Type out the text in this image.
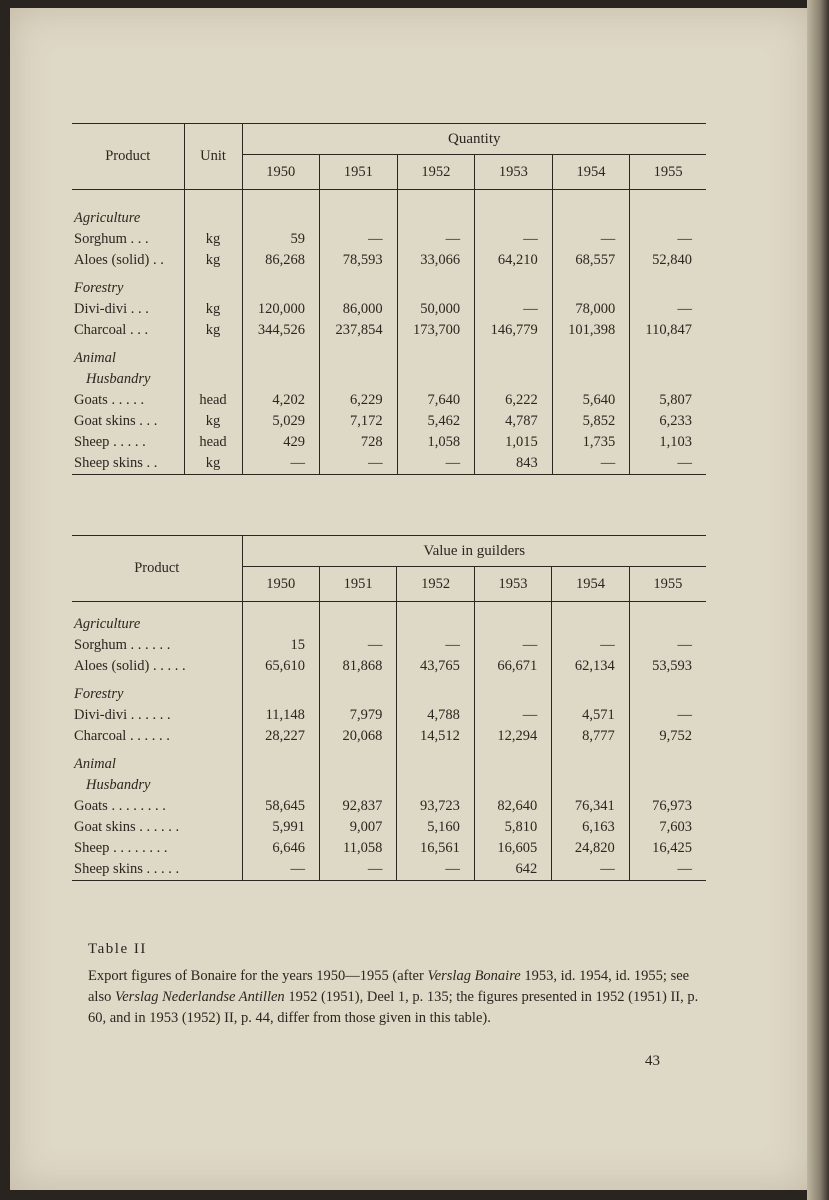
Product	Unit	Quantity					
		1950	1951	1952	1953	1954	1955

Agriculture							
Sorghum . . .	kg	59	—	—	—	—	—
Aloes (solid) . .	kg	86,268	78,593	33,066	64,210	68,557	52,840
Forestry							
Divi-divi . . .	kg	120,000	86,000	50,000	—	78,000	—
Charcoal . . .	kg	344,526	237,854	173,700	146,779	101,398	110,847
Animal							
Husbandry							
Goats . . . . .	head	4,202	6,229	7,640	6,222	5,640	5,807
Goat skins . . .	kg	5,029	7,172	5,462	4,787	5,852	6,233
Sheep . . . . .	head	429	728	1,058	1,015	1,735	1,103
Sheep skins . .	kg	—	—	—	843	—	—
Product	Value in guilders					
	1950	1951	1952	1953	1954	1955

Agriculture						
Sorghum . . . . . .	15	—	—	—	—	—
Aloes (solid) . . . . .	65,610	81,868	43,765	66,671	62,134	53,593
Forestry						
Divi-divi . . . . . .	11,148	7,979	4,788	—	4,571	—
Charcoal . . . . . .	28,227	20,068	14,512	12,294	8,777	9,752
Animal						
Husbandry						
Goats . . . . . . . .	58,645	92,837	93,723	82,640	76,341	76,973
Goat skins . . . . . .	5,991	9,007	5,160	5,810	6,163	7,603
Sheep . . . . . . . .	6,646	11,058	16,561	16,605	24,820	16,425
Sheep skins . . . . .	—	—	—	642	—	—
Table II
Export figures of Bonaire for the years 1950—1955 (after Verslag Bonaire 1953, id. 1954, id. 1955; see also Verslag Nederlandse Antillen 1952 (1951), Deel 1, p. 135; the figures presented in 1952 (1951) II, p. 60, and in 1953 (1952) II, p. 44, differ from those given in this table).
43
